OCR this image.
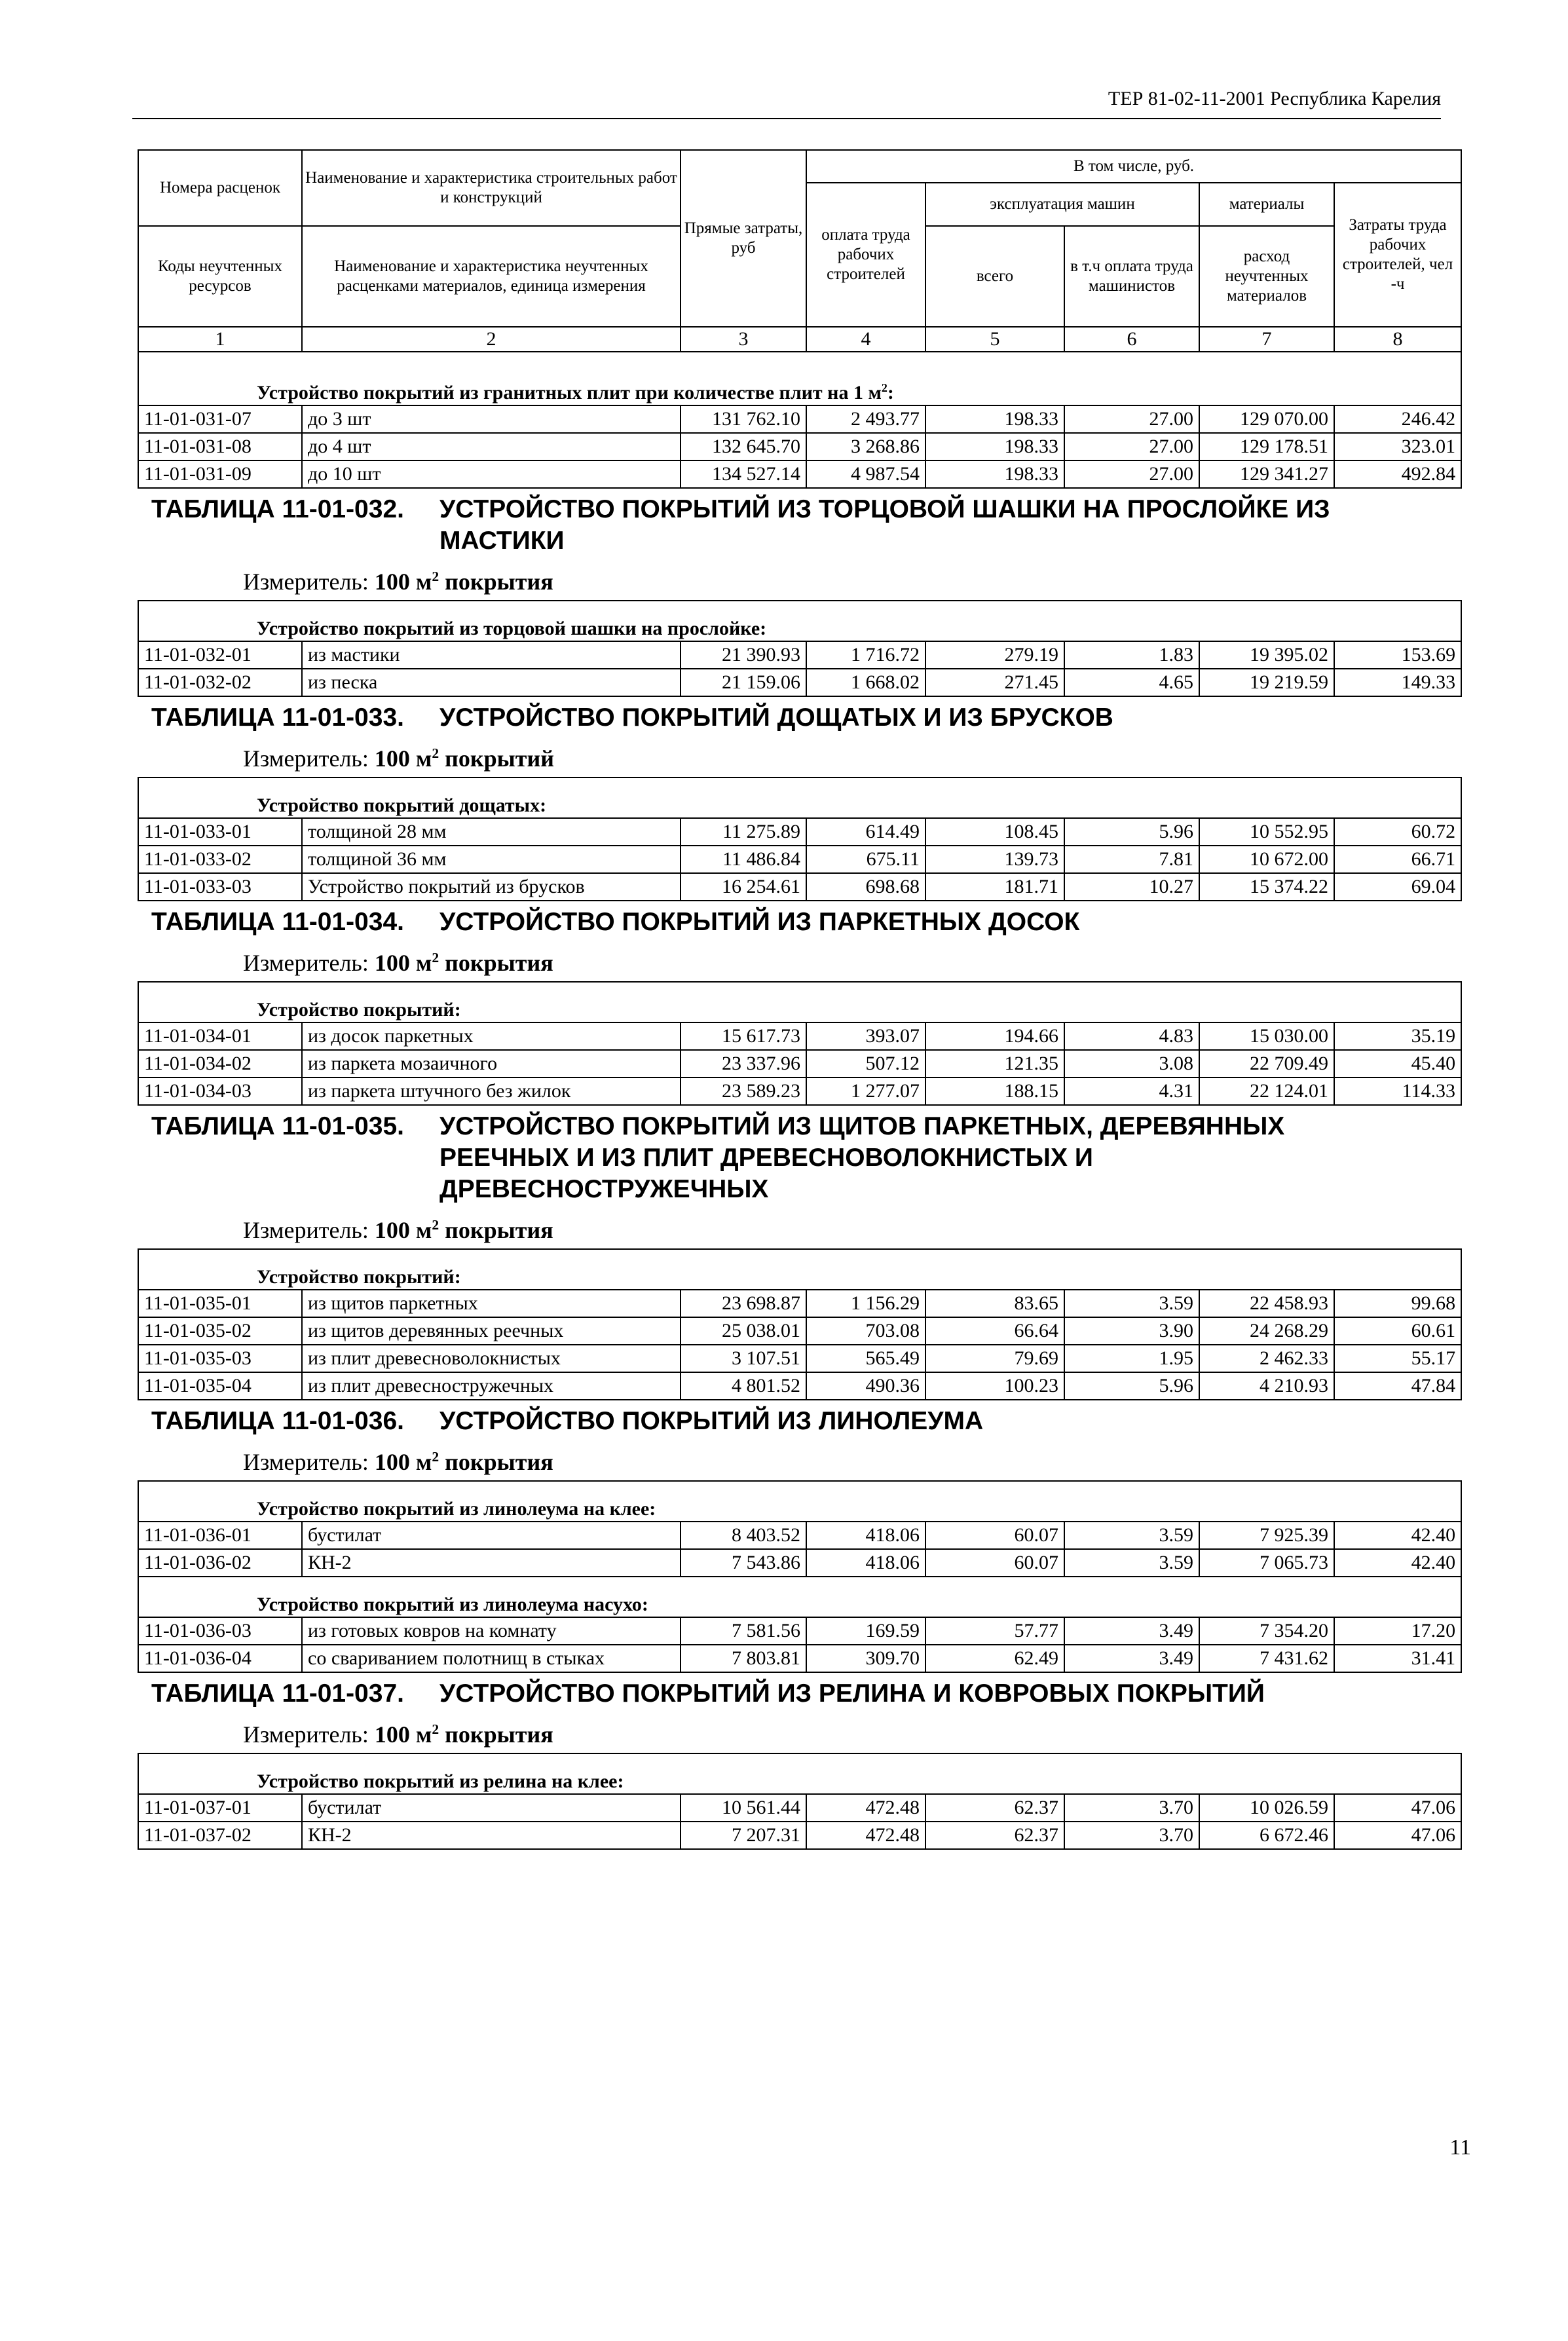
ТЕР 81-02-11-2001 Республика Карелия
Номера расценок	Наименование и характеристика строительных работ и конструкций	Прямые затраты, руб	В том числе, руб.				
			оплата труда рабочих строителей	эксплуатация машин		материалы	Затраты труда рабочих строителей, чел -ч
Коды неучтенных ресурсов	Наименование и характеристика неучтенных расценками материалов, единица измерения			всего	в т.ч оплата труда машинистов	расход неучтенных материалов	

1	2	3	4	5	6	7	8
Устройство покрытий из гранитных плит при количестве плит на 1 $м^2$:							
11-01-031-07	до 3 шт	131 762.10	2 493.77	198.33	27.00	129 070.00	246.42
11-01-031-08	до 4 шт	132 645.70	3 268.86	198.33	27.00	129 178.51	323.01
11-01-031-09	до 10 шт	134 527.14	4 987.54	198.33	27.00	129 341.27	492.84

ТАБЛИЦА 11-01-032. УСТРОЙСТВО ПОКРЫТИЙ ИЗ ТОРЦОВОЙ ШАШКИ НА ПРОСЛОЙКЕ ИЗ МАСТИКИ
Измеритель: 100 $м^2$ покрытия							

Устройство покрытий из торцовой шашки на прослойке:							
11-01-032-01	из мастики	21 390.93	1 716.72	279.19	1.83	19 395.02	153.69
11-01-032-02	из песка	21 159.06	1 668.02	271.45	4.65	19 219.59	149.33

ТАБЛИЦА 11-01-033. УСТРОЙСТВО ПОКРЫТИЙ ДОЩАТЫХ И ИЗ БРУСКОВ
Измеритель: 100 $м^2$ покрытий							

Устройство покрытий дощатых:							
11-01-033-01	толщиной 28 мм	11 275.89	614.49	108.45	5.96	10 552.95	60.72
11-01-033-02	толщиной 36 мм	11 486.84	675.11	139.73	7.81	10 672.00	66.71
11-01-033-03	Устройство покрытий из брусков	16 254.61	698.68	181.71	10.27	15 374.22	69.04

ТАБЛИЦА 11-01-034. УСТРОЙСТВО ПОКРЫТИЙ ИЗ ПАРКЕТНЫХ ДОСОК
Измеритель: 100 $м^2$ покрытия							

Устройство покрытий:							
11-01-034-01	из досок паркетных	15 617.73	393.07	194.66	4.83	15 030.00	35.19
11-01-034-02	из паркета мозаичного	23 337.96	507.12	121.35	3.08	22 709.49	45.40
11-01-034-03	из паркета штучного без жилок	23 589.23	1 277.07	188.15	4.31	22 124.01	114.33

ТАБЛИЦА 11-01-035. УСТРОЙСТВО ПОКРЫТИЙ ИЗ ЩИТОВ ПАРКЕТНЫХ, ДЕРЕВЯННЫХ РЕЕЧНЫХ И ИЗ ПЛИТ ДРЕВЕСНОВОЛОКНИСТЫХ И ДРЕВЕСНОСТРУЖЕЧНЫХ
Измеритель: 100 $м^2$ покрытия							

Устройство покрытий:							
11-01-035-01	из щитов паркетных	23 698.87	1 156.29	83.65	3.59	22 458.93	99.68
11-01-035-02	из щитов деревянных реечных	25 038.01	703.08	66.64	3.90	24 268.29	60.61
11-01-035-03	из плит древесноволокнистых	3 107.51	565.49	79.69	1.95	2 462.33	55.17
11-01-035-04	из плит древесностружечных	4 801.52	490.36	100.23	5.96	4 210.93	47.84

ТАБЛИЦА 11-01-036. УСТРОЙСТВО ПОКРЫТИЙ ИЗ ЛИНОЛЕУМА
Измеритель: 100 $м^2$ покрытия							

Устройство покрытий из линолеума на клее:							
11-01-036-01	бустилат	8 403.52	418.06	60.07	3.59	7 925.39	42.40
11-01-036-02	КН-2	7 543.86	418.06	60.07	3.59	7 065.73	42.40
Устройство покрытий из линолеума насухо:							
11-01-036-03	из готовых ковров на комнату	7 581.56	169.59	57.77	3.49	7 354.20	17.20
11-01-036-04	со свариванием полотнищ в стыках	7 803.81	309.70	62.49	3.49	7 431.62	31.41

ТАБЛИЦА 11-01-037. УСТРОЙСТВО ПОКРЫТИЙ ИЗ РЕЛИНА И КОВРОВЫХ ПОКРЫТИЙ
Измеритель: 100 $м^2$ покрытия							

Устройство покрытий из релина на клее:							
11-01-037-01	бустилат	10 561.44	472.48	62.37	3.70	10 026.59	47.06
11-01-037-02	КН-2	7 207.31	472.48	62.37	3.70	6 672.46	47.06
11
